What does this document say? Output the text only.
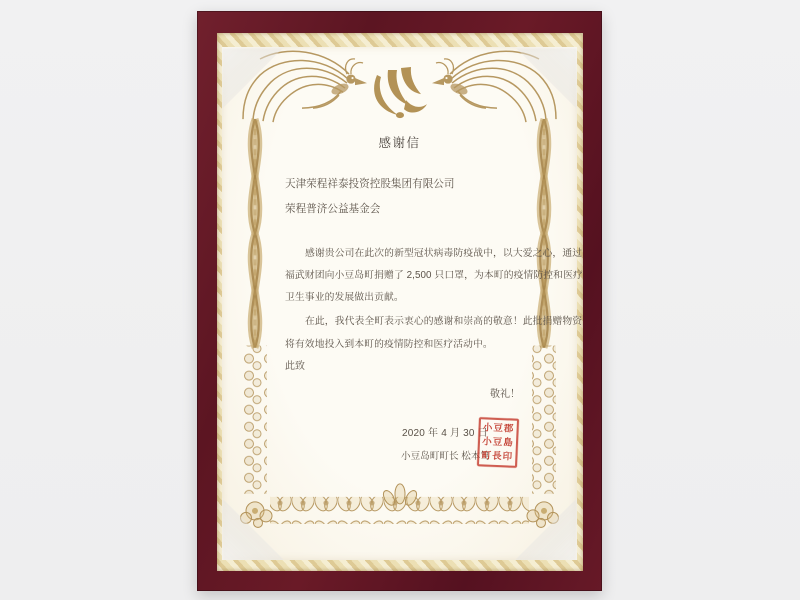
感谢信
天津荣程祥泰投资控股集团有限公司
荣程普济公益基金会
感谢贵公司在此次的新型冠状病毒防疫战中，以大爱之心，通过
福武财团向小豆岛町捐赠了 2,500 只口罩，为本町的疫情防控和医疗
卫生事业的发展做出贡献。
在此，我代表全町表示衷心的感谢和崇高的敬意！此批捐赠物资
将有效地投入到本町的疫情防控和医疗活动中。
此致
敬礼！
2020 年 4 月 30 日
小豆岛町町长 松本笃
小豆郡
小豆島
町長印
